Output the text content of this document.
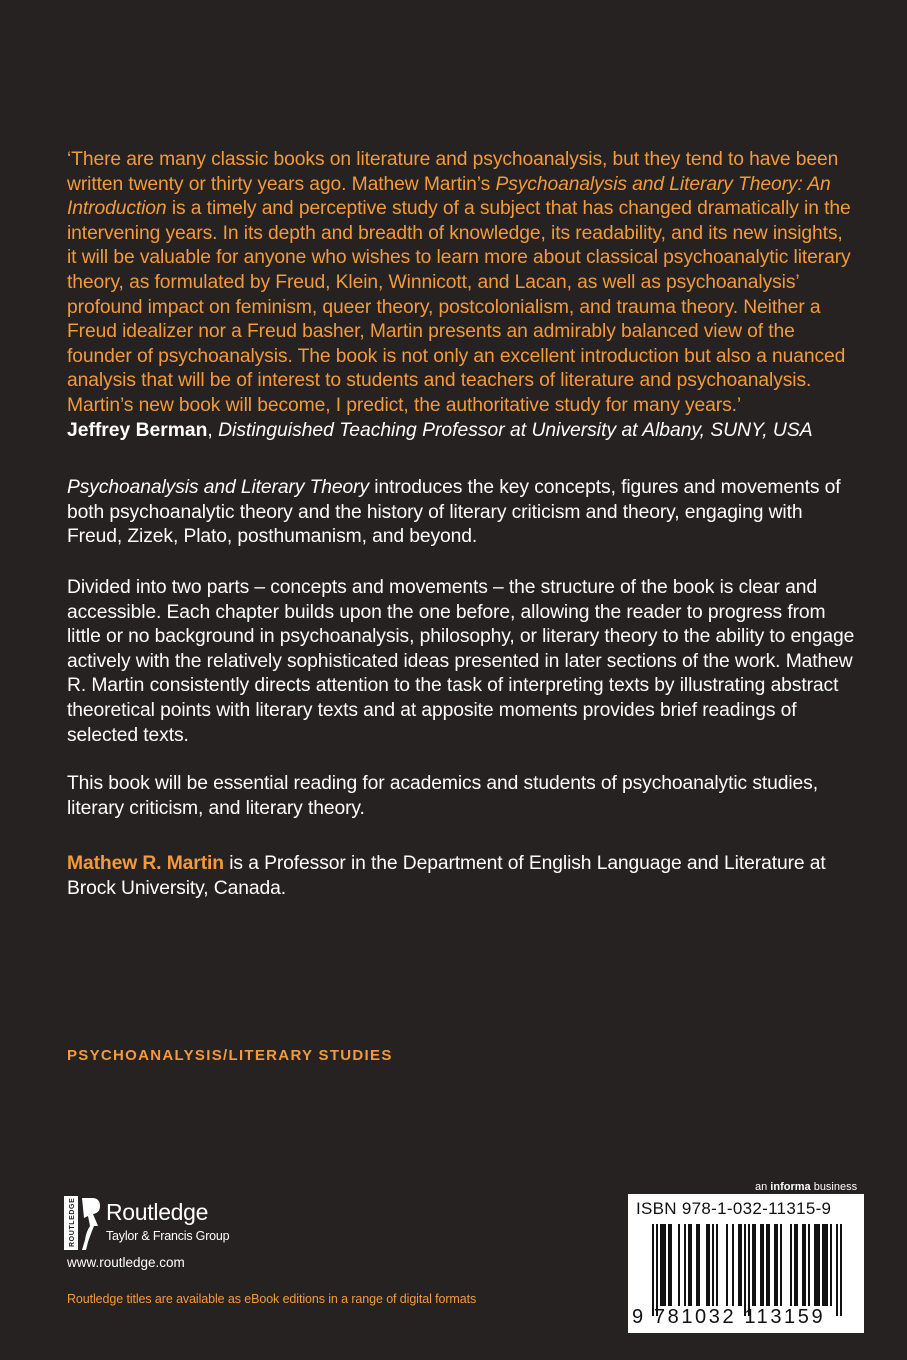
‘There are many classic books on literature and psychoanalysis, but they tend to have been written twenty or thirty years ago. Mathew Martin’s Psychoanalysis and Literary Theory: An Introduction is a timely and perceptive study of a subject that has changed dramatically in the intervening years. In its depth and breadth of knowledge, its readability, and its new insights, it will be valuable for anyone who wishes to learn more about classical psychoanalytic literary theory, as formulated by Freud, Klein, Winnicott, and Lacan, as well as psychoanalysis’ profound impact on feminism, queer theory, postcolonialism, and trauma theory. Neither a Freud idealizer nor a Freud basher, Martin presents an admirably balanced view of the founder of psychoanalysis. The book is not only an excellent introduction but also a nuanced analysis that will be of interest to students and teachers of literature and psychoanalysis. Martin’s new book will become, I predict, the authoritative study for many years.’
Jeffrey Berman, Distinguished Teaching Professor at University at Albany, SUNY, USA
Psychoanalysis and Literary Theory introduces the key concepts, figures and movements of both psychoanalytic theory and the history of literary criticism and theory, engaging with Freud, Zizek, Plato, posthumanism, and beyond.
Divided into two parts – concepts and movements – the structure of the book is clear and accessible. Each chapter builds upon the one before, allowing the reader to progress from little or no background in psychoanalysis, philosophy, or literary theory to the ability to engage actively with the relatively sophisticated ideas presented in later sections of the work. Mathew R. Martin consistently directs attention to the task of interpreting texts by illustrating abstract theoretical points with literary texts and at apposite moments provides brief readings of selected texts.
This book will be essential reading for academics and students of psychoanalytic studies, literary criticism, and literary theory.
Mathew R. Martin is a Professor in the Department of English Language and Literature at Brock University, Canada.
PSYCHOANALYSIS/LITERARY STUDIES
ROUTLEDGE Routledge
Taylor & Francis Group
www.routledge.com
Routledge titles are available as eBook editions in a range of digital formats
an informa business
ISBN 978-1-032-11315-9
9 781032 113159
